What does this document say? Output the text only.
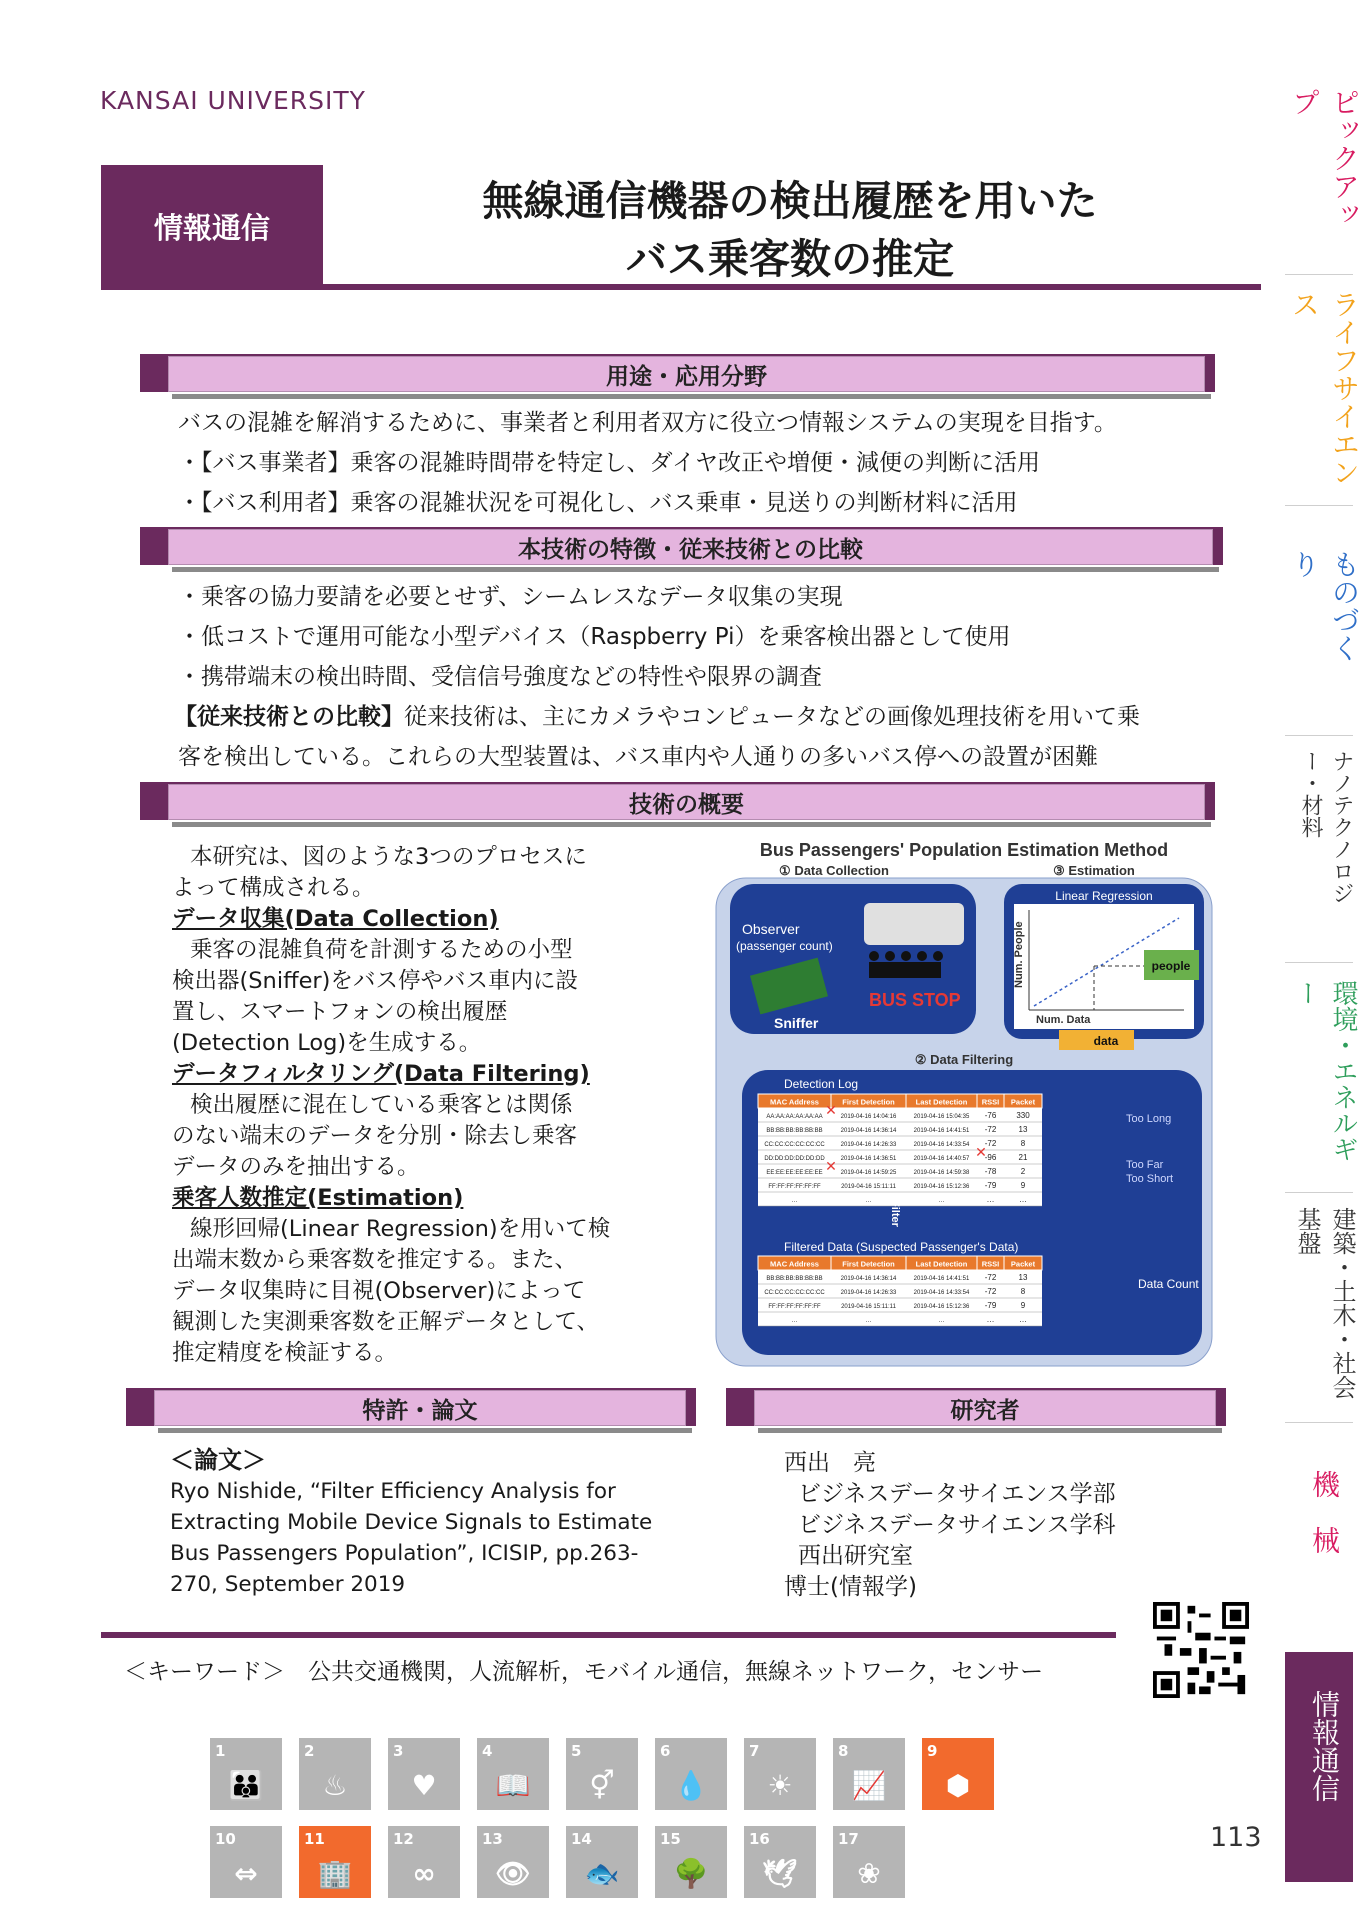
KANSAI UNIVERSITY
情報通信
無線通信機器の検出履歴を用いた
バス乗客数の推定
用途・応用分野
バスの混雑を解消するために、事業者と利用者双方に役立つ情報システムの実現を目指す。
・【バス事業者】乗客の混雑時間帯を特定し、ダイヤ改正や増便・減便の判断に活用
・【バス利用者】乗客の混雑状況を可視化し、バス乗車・見送りの判断材料に活用
本技術の特徴・従来技術との比較
・乗客の協力要請を必要とせず、シームレスなデータ収集の実現
・低コストで運用可能な小型デバイス（Raspberry Pi）を乗客検出器として使用
・携帯端末の検出時間、受信信号強度などの特性や限界の調査
【従来技術との比較】従来技術は、主にカメラやコンピュータなどの画像処理技術を用いて乗
客を検出している。これらの大型装置は、バス車内や人通りの多いバス停への設置が困難
技術の概要
本研究は、図のような3つのプロセスに
よって構成される。
データ収集(Data Collection)
乗客の混雑負荷を計測するための小型
検出器(Sniffer)をバス停やバス車内に設
置し、スマートフォンの検出履歴
(Detection Log)を生成する。
データフィルタリング(Data Filtering)
検出履歴に混在している乗客とは関係
のない端末のデータを分別・除去し乗客
データのみを抽出する。
乗客人数推定(Estimation)
線形回帰(Linear Regression)を用いて検
出端末数から乗客数を推定する。また、
データ収集時に目視(Observer)によって
観測した実測乗客数を正解データとして、
推定精度を検証する。
Bus Passengers' Population Estimation Method
① Data Collection	③ Estimation
Observer
(passenger count)
BUS STOP
Sniffer
Linear Regression
Num. People
Num. Data
people
data
② Data Filtering
Detection Log
MAC Address	First Detection	Last Detection RSSI Packet
AA:AA:AA:AA:AA:AA	2019-04-16 14:04:16	2019-04-16 15:04:35 -76	330
BB:BB:BB:BB:BB:BB	2019-04-16 14:36:14	2019-04-16 14:41:51 -72	13
CC:CC:CC:CC:CC:CC	2019-04-16 14:26:33	2019-04-16 14:33:54 -72	8
DD:DD:DD:DD:DD:DD	2019-04-16 14:36:51	2019-04-16 14:40:57 -96	21
EE:EE:EE:EE:EE:EE	2019-04-16 14:59:25	2019-04-16 14:59:38 -78	2
FF:FF:FF:FF:FF:FF	2019-04-16 15:11:11	2019-04-16 15:12:36 -79	9
…	…	…	…	…
✕
✕
✕
Filter
Too Long
Too Far
Too Short
Filtered Data (Suspected Passenger's Data)
MAC Address	First Detection	Last Detection RSSI Packet
BB:BB:BB:BB:BB:BB	2019-04-16 14:36:14	2019-04-16 14:41:51 -72	13
CC:CC:CC:CC:CC:CC	2019-04-16 14:26:33	2019-04-16 14:33:54 -72	8
FF:FF:FF:FF:FF:FF	2019-04-16 15:11:11	2019-04-16 15:12:36 -79	9
…	…	…	…	…
Data Count
特許・論文
＜論文＞
Ryo Nishide, “Filter Efficiency Analysis for
Extracting Mobile Device Signals to Estimate
Bus Passengers Population”, ICISIP, pp.263-
270, September 2019
研究者
西出　亮
ビジネスデータサイエンス学部
ビジネスデータサイエンス学科
西出研究室
博士(情報学)
＜キーワード＞　公共交通機関，人流解析，モバイル通信，無線ネットワーク，センサー
ピックアップ
ライフサイエンス
ものづくり
ナノテクノロジー・材料
環境・エネルギー
建築・土木・社会基盤
機　械
情報通信
1
👪
2
♨
3
♥
4
📖
5
⚥
6
💧
7
☀
8
📈
9
⬢
10
⇔
11
🏢
12
∞
13
👁
14
🐟
15
🌳
16
🕊
17
❀
113
